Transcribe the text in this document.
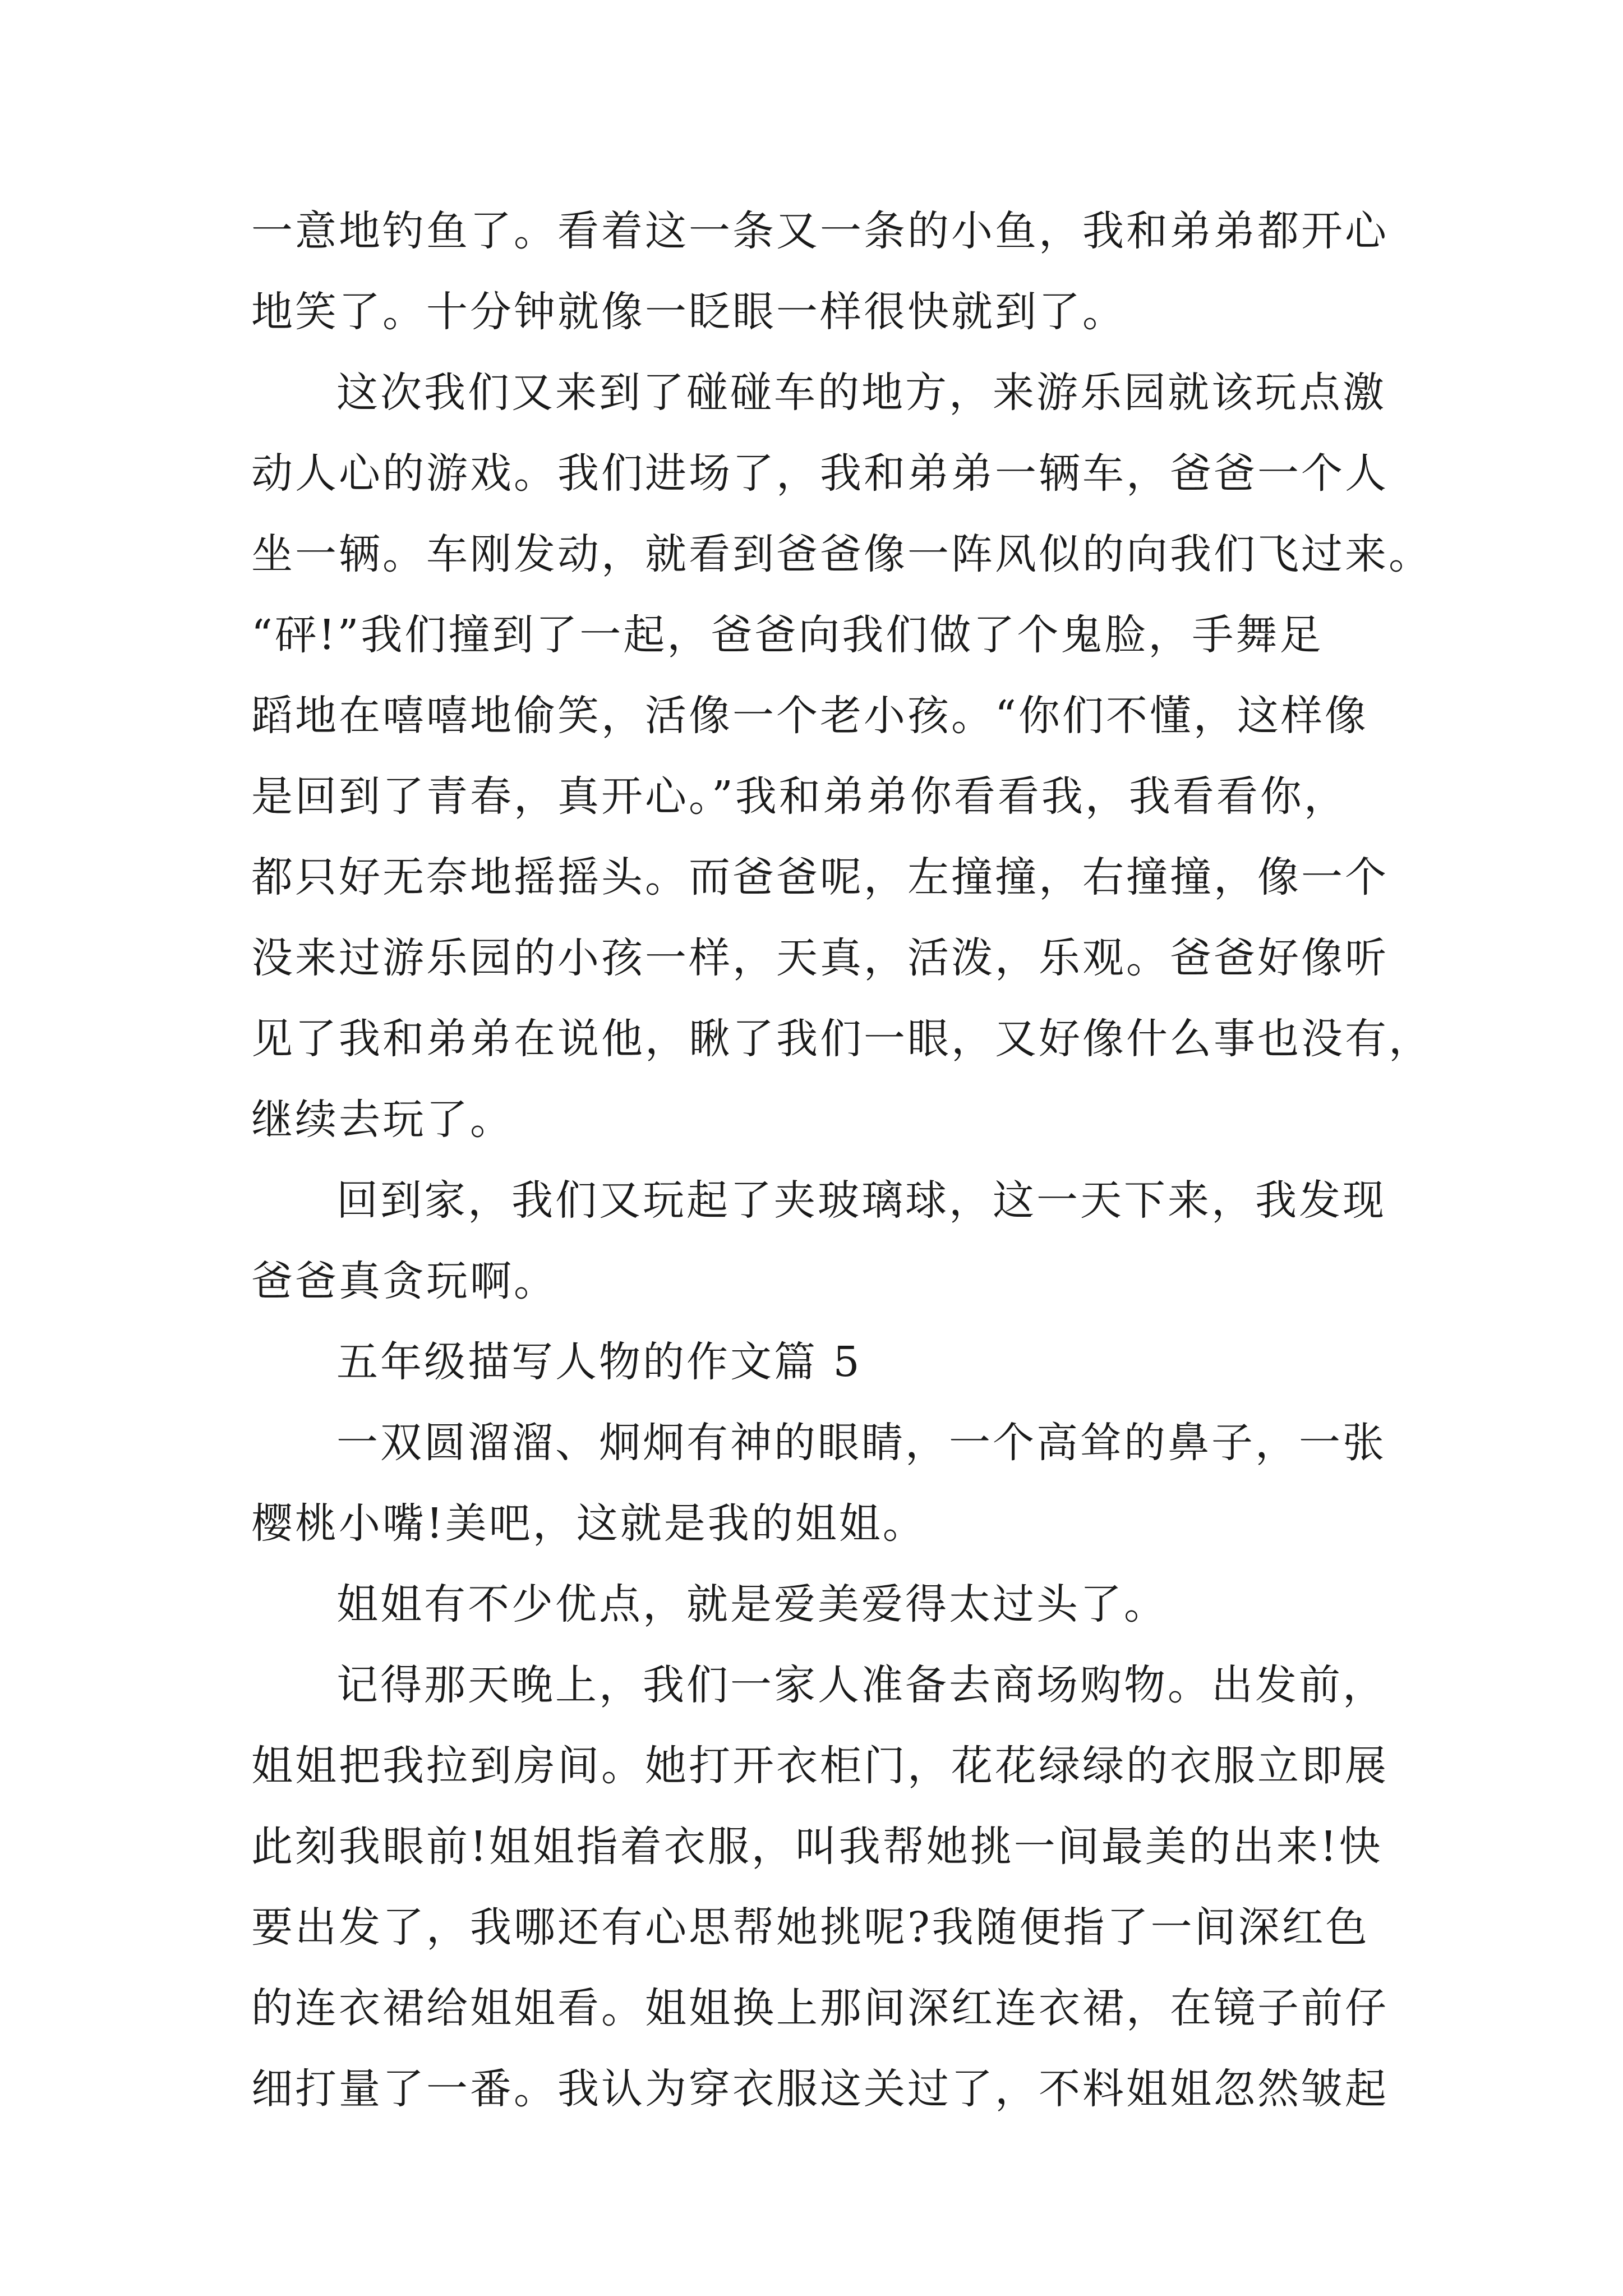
一意地钓鱼了。看着这一条又一条的小鱼，我和弟弟都开心
地笑了。十分钟就像一眨眼一样很快就到了。
这次我们又来到了碰碰车的地方，来游乐园就该玩点激
动人心的游戏。我们进场了，我和弟弟一辆车，爸爸一个人
坐一辆。车刚发动，就看到爸爸像一阵风似的向我们飞过来。
“砰!”我们撞到了一起，爸爸向我们做了个鬼脸，手舞足
蹈地在嘻嘻地偷笑，活像一个老小孩。“你们不懂，这样像
是回到了青春，真开心。”我和弟弟你看看我，我看看你，
都只好无奈地摇摇头。而爸爸呢，左撞撞，右撞撞，像一个
没来过游乐园的小孩一样，天真，活泼，乐观。爸爸好像听
见了我和弟弟在说他，瞅了我们一眼，又好像什么事也没有，
继续去玩了。
回到家，我们又玩起了夹玻璃球，这一天下来，我发现
爸爸真贪玩啊。
五年级描写人物的作文篇 5
一双圆溜溜、炯炯有神的眼睛，一个高耸的鼻子，一张
樱桃小嘴!美吧，这就是我的姐姐。
姐姐有不少优点，就是爱美爱得太过头了。
记得那天晚上，我们一家人准备去商场购物。出发前，
姐姐把我拉到房间。她打开衣柜门，花花绿绿的衣服立即展
此刻我眼前!姐姐指着衣服，叫我帮她挑一间最美的出来!快
要出发了，我哪还有心思帮她挑呢?我随便指了一间深红色
的连衣裙给姐姐看。姐姐换上那间深红连衣裙，在镜子前仔
细打量了一番。我认为穿衣服这关过了，不料姐姐忽然皱起
